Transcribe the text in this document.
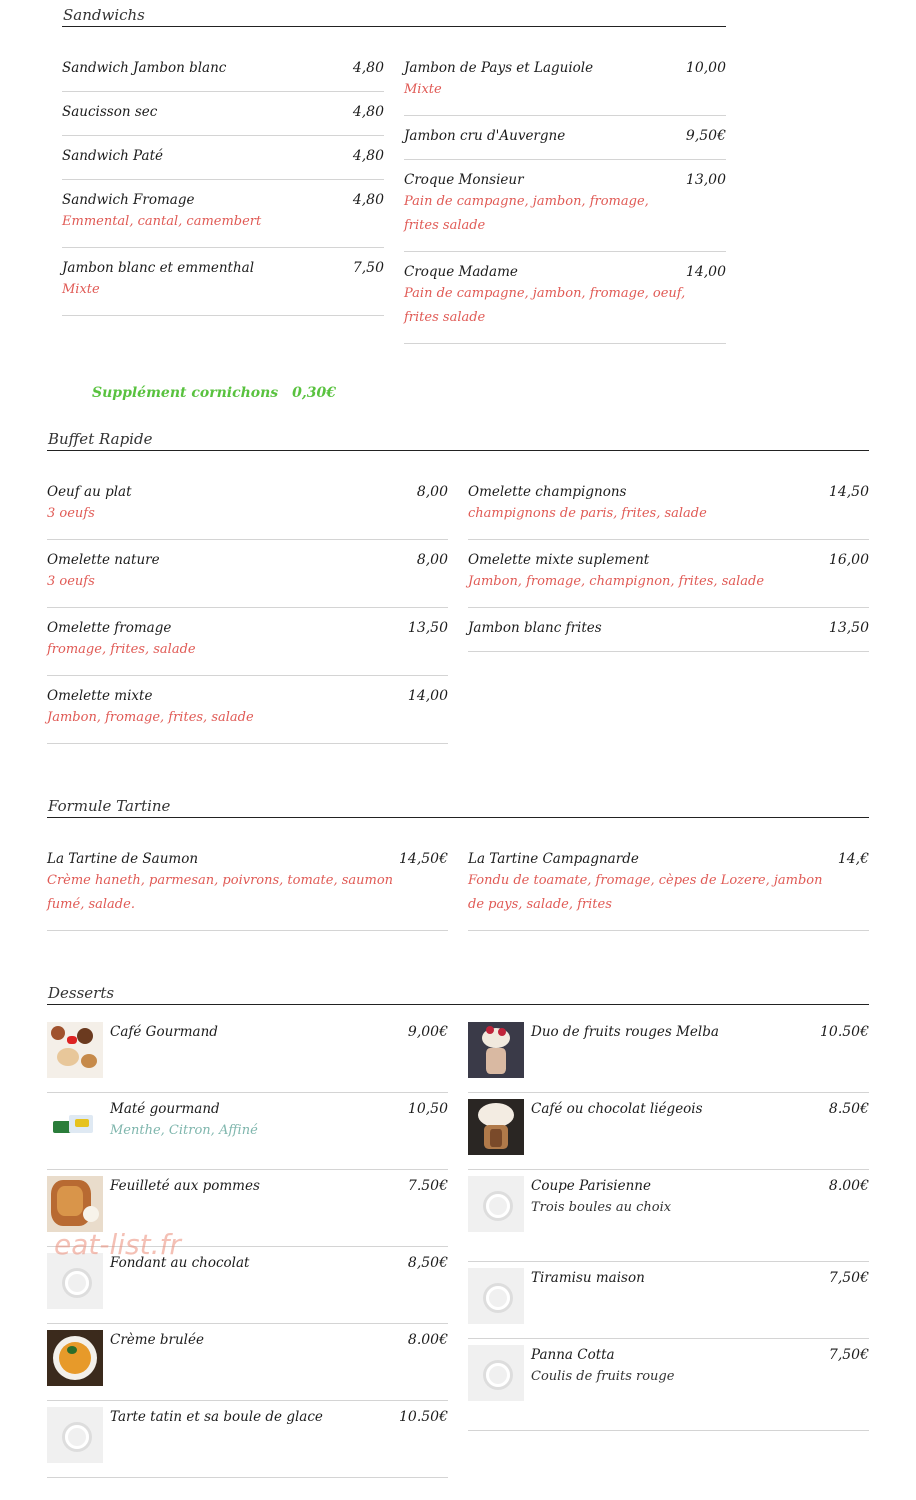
Sandwichs
Sandwich Jambon blanc	4,80
Saucisson sec	4,80
Sandwich Paté	4,80
Sandwich Fromage	4,80
Emmental, cantal, camembert
Jambon blanc et emmenthal	7,50
Mixte
Jambon de Pays et Laguiole	10,00
Mixte
Jambon cru d'Auvergne	9,50€
Croque Monsieur	13,00
Pain de campagne, jambon, fromage,
frites salade
Croque Madame	14,00
Pain de campagne, jambon, fromage, oeuf,
frites salade
Supplément cornichons 0,30€
Buffet Rapide
Oeuf au plat	8,00
3 oeufs
Omelette nature	8,00
3 oeufs
Omelette fromage	13,50
fromage, frites, salade
Omelette mixte	14,00
Jambon, fromage, frites, salade
Omelette champignons	14,50
champignons de paris, frites, salade
Omelette mixte suplement	16,00
Jambon, fromage, champignon, frites, salade
Jambon blanc frites	13,50
Formule Tartine
La Tartine de Saumon	14,50€
Crème haneth, parmesan, poivrons, tomate, saumon
fumé, salade.
La Tartine Campagnarde	14,€
Fondu de toamate, fromage, cèpes de Lozere, jambon
de pays, salade, frites
Desserts
Café Gourmand	9,00€
Maté gourmand	10,50
Menthe, Citron, Affiné
Feuilleté aux pommes	7.50€
Fondant au chocolat	8,50€
Crème brulée	8.00€
Tarte tatin et sa boule de glace	10.50€
Duo de fruits rouges Melba	10.50€
Café ou chocolat liégeois	8.50€
Coupe Parisienne	8.00€
Trois boules au choix
Tiramisu maison	7,50€
Panna Cotta	7,50€
Coulis de fruits rouge
eat-list.fr
